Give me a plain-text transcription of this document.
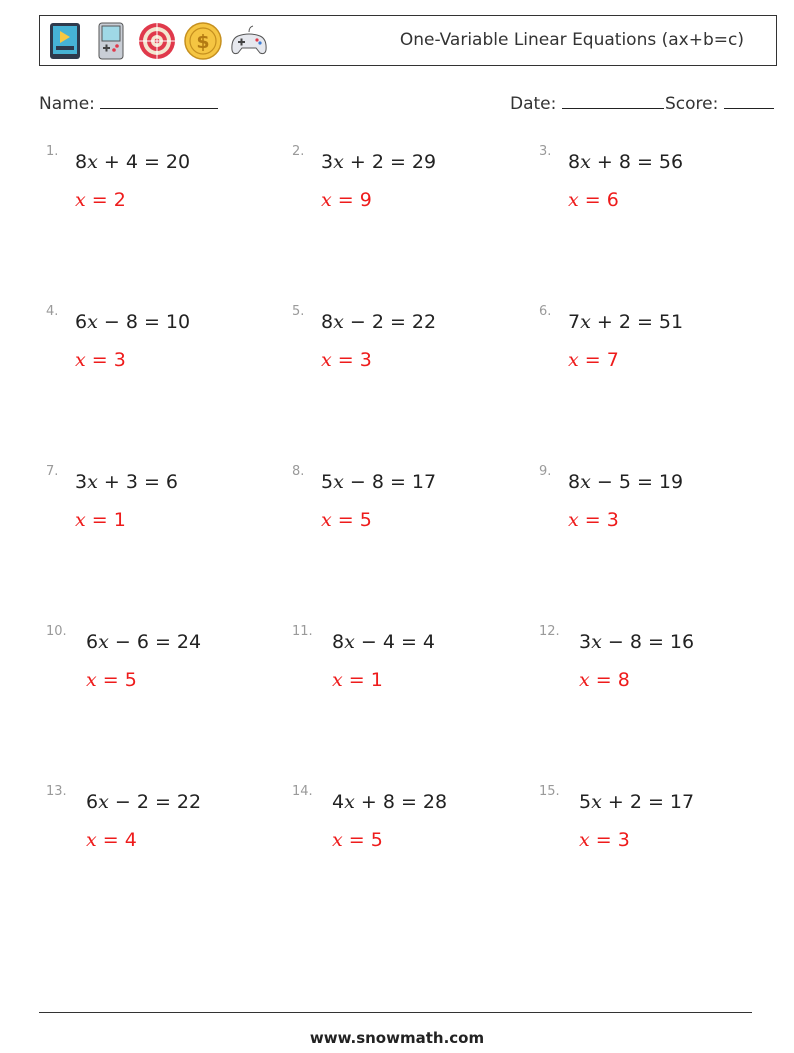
$	One-Variable Linear Equations (ax+b=c)
Name:	Date:	Score:
1. 8x + 4 = 20
x = 2
2. 3x + 2 = 29
x = 9
3. 8x + 8 = 56
x = 6
4. 6x − 8 = 10
x = 3
5. 8x − 2 = 22
x = 3
6. 7x + 2 = 51
x = 7
7. 3x + 3 = 6
x = 1
8. 5x − 8 = 17
x = 5
9. 8x − 5 = 19
x = 3
10. 6x − 6 = 24
x = 5
11. 8x − 4 = 4
x = 1
12. 3x − 8 = 16
x = 8
13. 6x − 2 = 22
x = 4
14. 4x + 8 = 28
x = 5
15. 5x + 2 = 17
x = 3
www.snowmath.com
